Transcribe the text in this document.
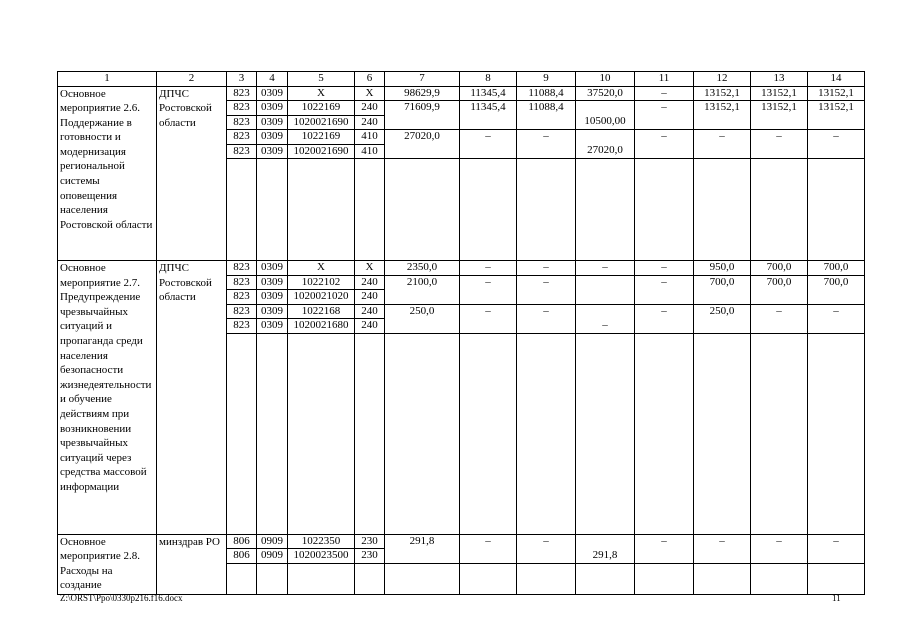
1	2	3	4	5	6	7	8	9	10	11	12	13	14
Основное мероприятие 2.6. Поддержание в готовности и модернизация региональной системы оповещения населения Ростовской области	ДПЧС Ростовской области	823	0309	X	X	98629,9	11345,4	11088,4	37520,0	–	13152,1	13152,1	13152,1
		823	0309	1022169	240	71609,9	11345,4	11088,4		–	13152,1	13152,1	13152,1
		823	0309	1020021690	240				10500,00				
		823	0309	1022169	410	27020,0	–	–		–	–	–	–
		823	0309	1020021690	410				27020,0				

Основное мероприятие 2.7. Предупреждение чрезвычайных ситуаций и пропаганда среди населения безопасности жизнедеятельности и обучение действиям при возникновении чрезвычайных ситуаций через средства массовой информации	ДПЧС Ростовской области	823	0309	X	X	2350,0	–	–	–	–	950,0	700,0	700,0
		823	0309	1022102	240	2100,0	–	–		–	700,0	700,0	700,0
		823	0309	1020021020	240								
		823	0309	1022168	240	250,0	–	–		–	250,0	–	–
		823	0309	1020021680	240				–				

Основное мероприятие 2.8. Расходы на создание	минздрав РО	806	0909	1022350	230	291,8	–	–		–	–	–	–
		806	0909	1020023500	230				291,8				

Z:\ORST\Ppo\0330p216.f16.docx	11
